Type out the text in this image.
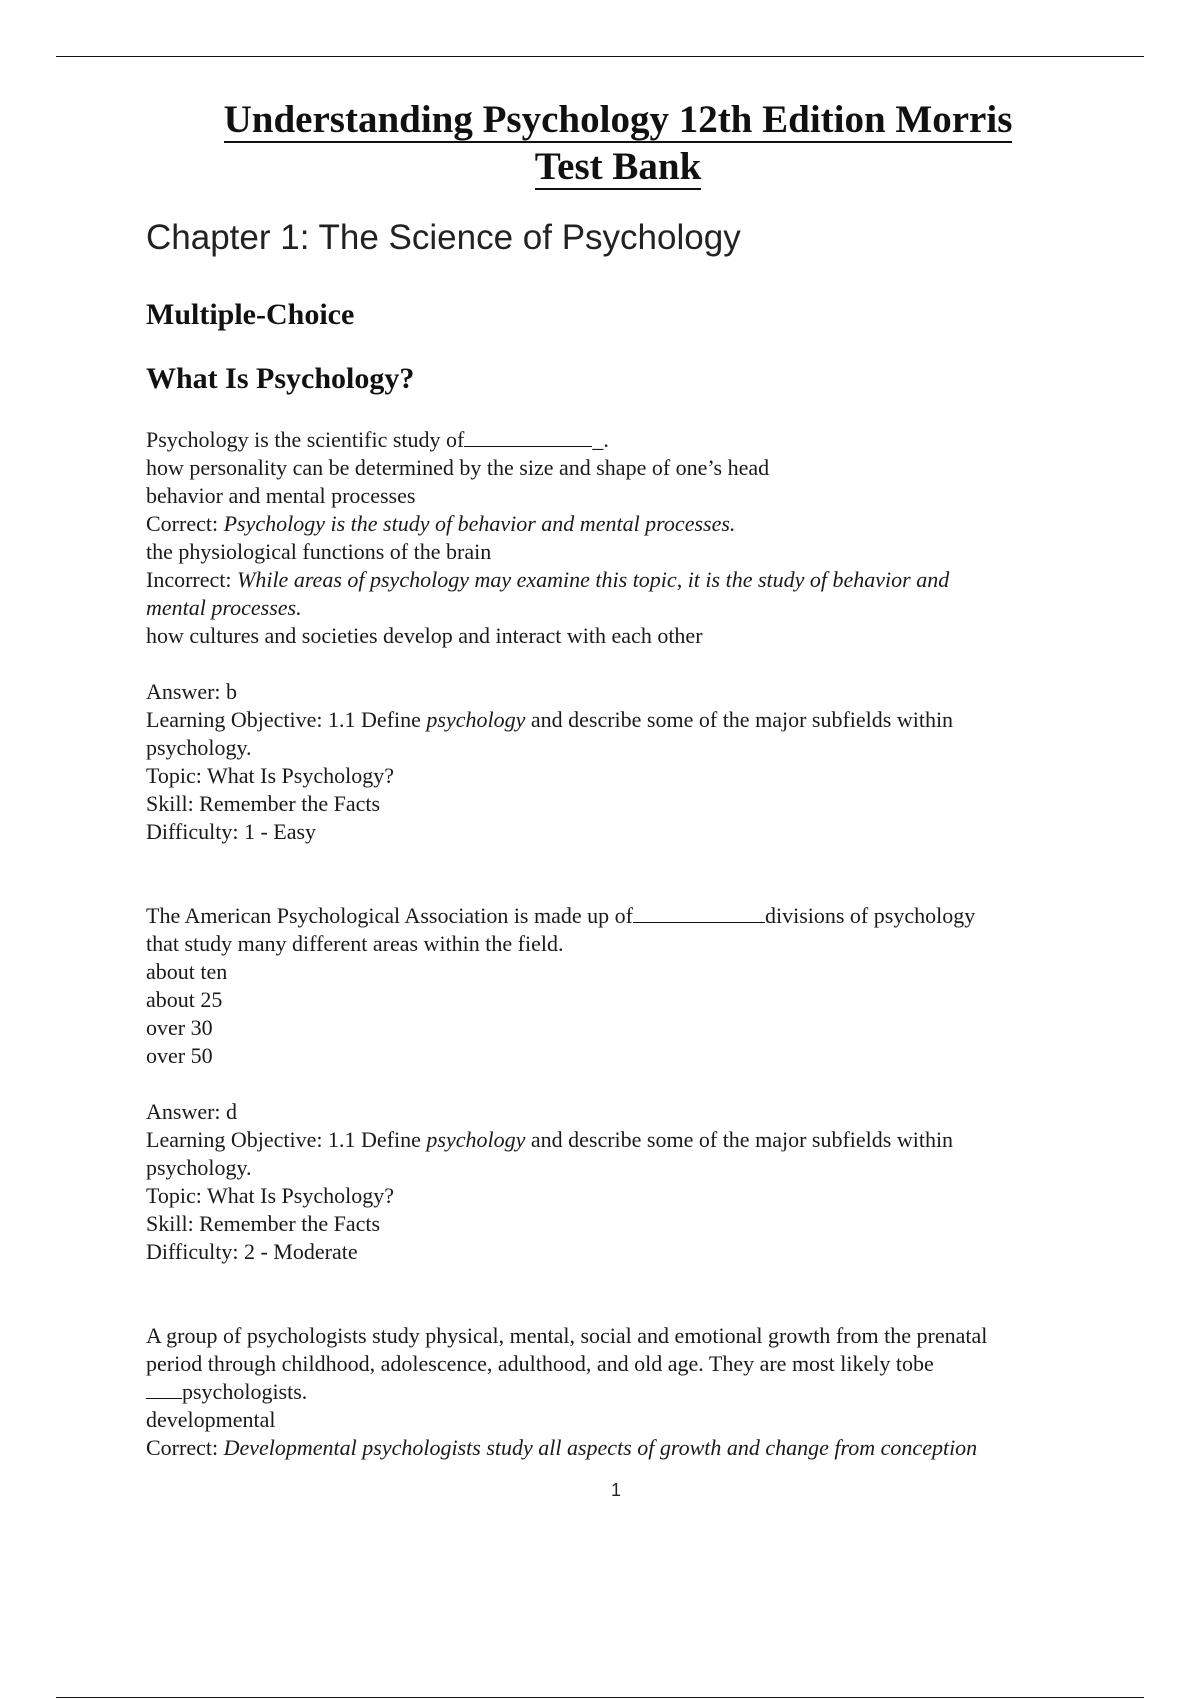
Understanding Psychology 12th Edition Morris
Test Bank
Chapter 1: The Science of Psychology
Multiple-Choice
What Is Psychology?
Psychology is the scientific study of	_.
how personality can be determined by the size and shape of one’s head
behavior and mental processes
Correct: Psychology is the study of behavior and mental processes.
the physiological functions of the brain
Incorrect: While areas of psychology may examine this topic, it is the study of behavior and
mental processes.
how cultures and societies develop and interact with each other
Answer: b
Learning Objective: 1.1 Define psychology and describe some of the major subfields within
psychology.
Topic: What Is Psychology?
Skill: Remember the Facts
Difficulty: 1 - Easy
The American Psychological Association is made up of	divisions of psychology
that study many different areas within the field.
about ten
about 25
over 30
over 50
Answer: d
Learning Objective: 1.1 Define psychology and describe some of the major subfields within
psychology.
Topic: What Is Psychology?
Skill: Remember the Facts
Difficulty: 2 - Moderate
A group of psychologists study physical, mental, social and emotional growth from the prenatal
period through childhood, adolescence, adulthood, and old age. They are most likely tobe
psychologists.
developmental
Correct: Developmental psychologists study all aspects of growth and change from conception
1
